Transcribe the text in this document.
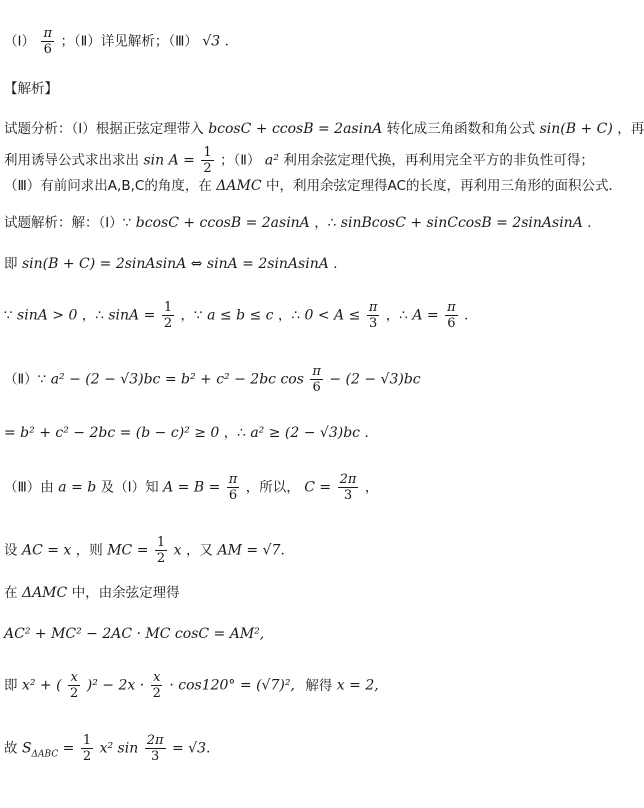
（Ⅰ） $\frac{\pi}{6}$ ；（Ⅱ）详见解析；（Ⅲ） √3 ．
【解析】
试题分析：（Ⅰ）根据正弦定理带入 bcosC + ccosB = 2asinA 转化成三角函数和角公式 sin(B + C) ，再
利用诱导公式求出求出 $\sin A = \frac{1}{2}$ ；（Ⅱ） a² 利用余弦定理代换，再利用完全平方的非负性可得；
（Ⅲ）有前问求出A,B,C的角度，在 ΔAMC 中，利用余弦定理得AC的长度，再利用三角形的面积公式．
试题解析：解：（Ⅰ）∵ bcosC + ccosB = 2asinA ，∴ sinBcosC + sinCcosB = 2sinAsinA ．
即 sin(B + C) = 2sinAsinA ⇔ sinA = 2sinAsinA ．
∵ sinA > 0 ，∴ $\sin A = \frac{1}{2}$ ，∵ a ≤ b ≤ c ，∴ $0 < A \le \frac{\pi}{3}$ ，∴ $A = \frac{\pi}{6}$ ．
（Ⅱ）∵ a² − (2 − √3)bc = b² + c² − 2bc $\cos \frac{\pi}{6} - (2 - √3)bc$
= b² + c² − 2bc = (b − c)² ≥ 0 ，∴ a² ≥ (2 − √3)bc ．
（Ⅲ）由 a = b 及（Ⅰ）知 $A = B = \frac{\pi}{6}$ ，所以， $C = \frac{2\pi}{3}$ ，
设 AC = x ，则 MC = $\frac{1}{2}$ x ，又 AM = √7.
在 ΔAMC 中，由余弦定理得
AC² + MC² − 2AC · MC cosC = AM²,
即 x² + ( $\frac{x}{2} )^2 - 2x \cdot \frac{x}{2} \cdot \cos 120^\circ = (√7)^2$, 解得 x = 2,
故 $S_{\Delta ABC} = \frac{1}{2} x^2$ $\sin \frac{2\pi}{3} = √3$.
